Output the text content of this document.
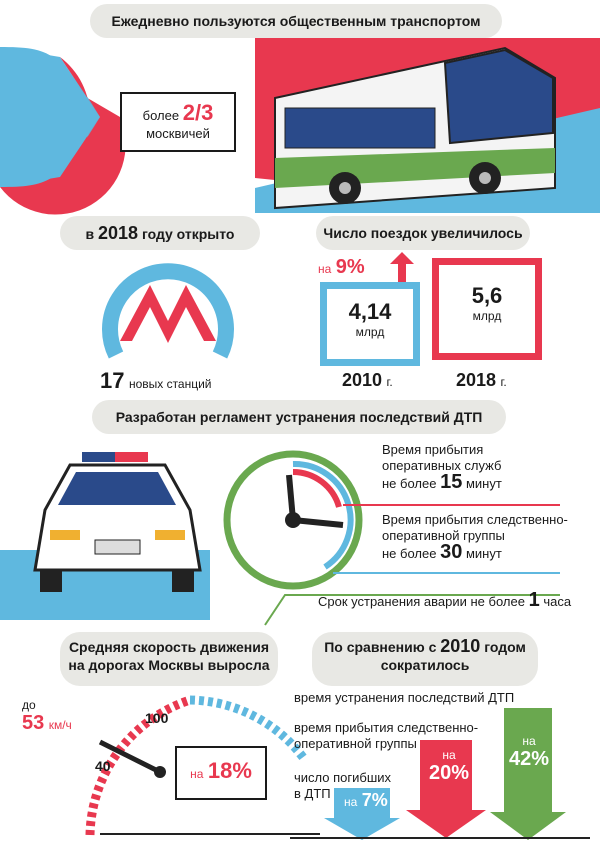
Ежедневно пользуются общественным транспортом
более 2/3
москвичей
в 2018 году открыто
17 новых станций
Число поездок увеличилось
на 9%
4,14
млрд
5,6
млрд
2010 г.	2018 г.
Разработан регламент устранения последствий ДТП
Время прибытия
оперативных служб
не более 15 минут
Время прибытия следственно-
оперативной группы
не более 30 минут
Срок устранения аварии не более 1 часа
Средняя скорость движения
на дорогах Москвы выросла
до
53 км/ч	100
40	на 18%
По сравнению с 2010 годом
сократилось
время устранения последствий ДТП
время прибытия следственно-
оперативной группы
число погибших
в ДТП
на 7%
на
20%
на
42%
